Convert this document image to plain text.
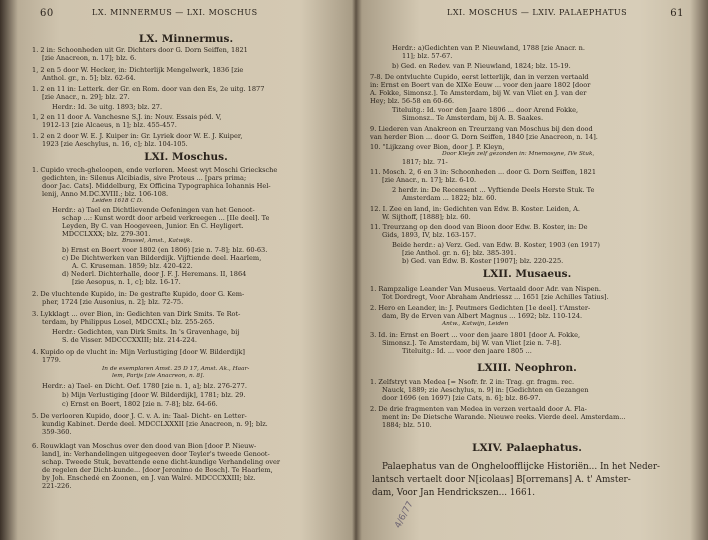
60	LX. MINNERMUS — LXI. MOSCHUS
LX. Minnermus.
1. 2 in: Schoonheden uit Gr. Dichters door G. Dorn Seiffen, 1821
[zie Anacreon, n. 17]; blz. 6.
1, 2 en 5 door W. Hecker, in: Dichterlijk Mengelwerk, 1836 [zie
Anthol. gr., n. 5]; blz. 62-64.
1. 2 en 11 in: Letterk. der Gr. en Rom. door van den Es, 2e uitg. 1877
[zie Anacr., n. 29]; blz. 27.
Herdr.: Id. 3e uitg. 1893; blz. 27.
1, 2 en 11 door A. Vanchesne S.J. in: Nouv. Essais péd. V,
1912-13 [zie Alcaeus, n 1]; blz. 455-457.
1. 2 en 2 door W. E. J. Kuiper in: Gr. Lyriek door W. E. J. Kuiper,
1923 [zie Aeschylus, n. 16, c]; blz. 104-105.
LXI. Moschus.
1. Cupido vrech-gheloopen, ende verloren. Meest wyt Moschi Griecksche
gedichten, in: Silenus Alcibiadis, sive Proteus ... [pars prima;
door Jac. Cats]. Middelburg, Ex Officina Typographica Iohannis Hel-
lenij, Anno M.DC.XVIII.; blz. 106-108.
Leiden 1618 C D.
Herdr.: a) Tael en Dichtlievende Oefeningen van het Genoot-
schap ...: Kunst wordt door arbeid verkreegen ... [IIe deel]. Te
Leyden, By C. van Hoogeveen, Junior. En C. Heyligert.
MDCCLXXX; blz. 279-301.
Brussel, Amst., Katwijk.
b) Ernst en Boert voor 1802 (en 1806) [zie n. 7-8]; blz. 60-63.
c) De Dichtwerken van Bilderdijk. Vijftiende deel. Haarlem,
A. C. Kruseman. 1859; blz. 420-422.
d) Nederl. Dichterhalle, door J. F. J. Heremans. II, 1864
[zie Aesopus, n. 1, c]; blz. 16-17.
2. De vluchtende Kupido, in: De gestrafte Kupido, door G. Kem-
pher, 1724 [zie Ausonius, n. 2]; blz. 72-75.
3. Lykklagt ... over Bion, in: Gedichten van Dirk Smits. Te Rot-
terdam, by Philippus Losel, MDCCXL; blz. 255-265.
Herdr.: Gedichten, van Dirk Smits. In 's Gravenhage, bij
S. de Visser. MDCCCXXIII; blz. 214-224.
4. Kupido op de vlucht in: Mijn Verlustiging [door W. Bilderdijk]
1779.
In de exemplaren Amst. 25 D 17, Amst. Ak., Haar-
lem, Parijs [zie Anacreon, n. 8].
Herdr.: a) Tael- en Dicht. Oef. 1780 [zie n. 1, a]; blz. 276-277.
b) Mijn Verlustiging [door W. Bilderdijk], 1781; blz. 29.
c) Ernst en Boert, 1802 [zie n. 7-8]; blz. 64-66.
5. De verlooren Kupido, door J. C. v. A. in: Taal- Dicht- en Letter-
kundig Kabinet. Derde deel. MDCCLXXXII [zie Anacreon, n. 9]; blz.
359-360.
6. Rouwklagt van Moschus over den dood van Bion [door P. Nieuw-
land], in: Verhandelingen uitgegeeven door Teyler's tweede Genoot-
schap. Tweede Stuk, bevattende eene dicht-kundige Verhandeling over
de regelen der Dicht-kunde... [door Jeronimo de Bosch]. Te Haarlem,
by Joh. Enschedé en Zoonen, en J. van Walré. MDCCCXXIII; blz.
221-226.
LXI. MOSCHUS — LXIV. PALAEPHATUS	61
Herdr.: a)Gedichten van P. Nieuwland, 1788 [zie Anacr. n.
11]; blz. 57-67.
b) Ged. en Redev. van P. Nieuwland, 1824; blz. 15-19.
7-8. De ontvluchte Cupido, eerst letterlijk, dan in verzen vertaald
in: Ernst en Boert van de XIXe Eeuw ... voor den jaare 1802 [door
A. Fokke, Simonsz.]. Te Amsterdam, bij W. van Vliet en J. van der
Hey; blz. 56-58 en 60-66.
Titeluitg.: Id. voor den Jaare 1806 ... door Arend Fokke,
Simonsz.. Te Amsterdam, bij A. B. Saakes.
9. Liederen van Anakreon en Treurzang van Moschus bij den dood
van herder Bion ... door G. Dorn Seiffen, 1840 [zie Anacreon, n. 14].
10. "Lijkzang over Bion, door J. P. Kleyn,
Door Kleyn zelf gezonden in: Mnemosyne, IVe Stuk,
1817; blz. 71-
11. Mosch. 2, 6 en 3 in: Schoonheden ... door G. Dorn Seiffen, 1821
[zie Anacr., n. 17]; blz. 6-10.
2 herdr. in: De Recensent ... Vyftiende Deels Herste Stuk. Te
Amsterdam ... 1822; blz. 60.
12. I. Zee en land, in: Gedichten van Edw. B. Koster. Leiden, A.
W. Sijthoff, [1888]; blz. 60.
11. Treurzang op den dood van Bioon door Edw. B. Koster, in: De
Gids, 1893, IV, blz. 163-157.
Beide herdr.: a) Verz. Ged. van Edw. B. Koster, 1903 (en 1917)
[zie Anthol. gr. n. 6]; blz. 385-391.
b) Ged. van Edw. B. Koster [1907]; blz. 220-225.
LXII. Musaeus.
1. Rampzalige Leander Van Musaeus. Vertaald door Adr. van Nispen.
Tot Dordregt, Voor Abraham Andriessz ... 1651 [zie Achilles Tatius].
2. Hero en Leander, in: J. Peutmers Gedichten [1e deel]. t'Amster-
dam, By de Erven van Albert Magnus ... 1692; blz. 110-124.
Antw., Katwijn, Leiden
3. Id. in: Ernst en Boert ... voor den jaare 1801 [door A. Fokke,
Simonsz.]. Te Amsterdam, bij W. van Vliet [zie n. 7-8].
Titeluitg.: Id. ... voor den jaare 1805 ...
LXIII. Neophron.
1. Zelfstryt van Medea [= Nsofr. fr. 2 in: Trag. gr. fragm. rec.
Nauck, 1889; zie Aeschylus, n. 9] in: [Gedichten en Gezangen
door 1696 (en 1697) [zie Cats, n. 6]; blz. 86-97.
2. De drie fragmenten van Medea in verzen vertaald door A. Fla-
ment in: De Dietsche Warande. Nieuwe reeks. Vierde deel. Amsterdam...
1884; blz. 510.
LXIV. Palaephatus.
Palaephatus van de Ongheloofflijcke Historiën... In het Neder-
lantsch vertaelt door N[icolaas] B[orremans] A. t' Amster-
dam, Voor Jan Hendrickszen... 1661.
4/6/77
